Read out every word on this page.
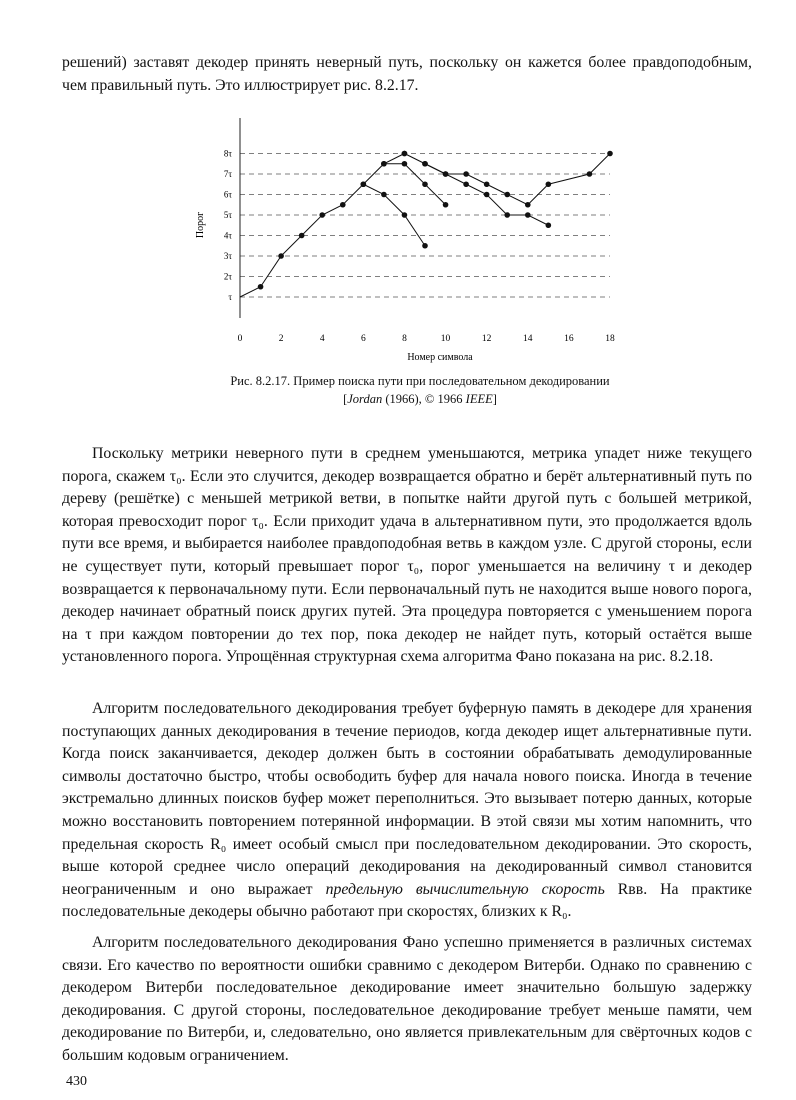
решений) заставят декодер принять неверный путь, поскольку он кажется более правдоподобным, чем правильный путь. Это иллюстрирует рис. 8.2.17.

0	2	4	6	8	10	12	14	16	18
τ
2τ
3τ
4τ
5τ
6τ
7τ
8τ
Номер символа
Порог
Рис. 8.2.17. Пример поиска пути при последовательном декодировании
[Jordan (1966), © 1966 IEEE]

Поскольку метрики неверного пути в среднем уменьшаются, метрика упадет ниже текущего порога, скажем τ₀. Если это случится, декодер возвращается обратно и берёт альтернативный путь по дереву (решётке) с меньшей метрикой ветви, в попытке найти другой путь с большей метрикой, которая превосходит порог τ₀. Если приходит удача в альтернативном пути, это продолжается вдоль пути все время, и выбирается наиболее правдоподобная ветвь в каждом узле. С другой стороны, если не существует пути, который превышает порог τ₀, порог уменьшается на величину τ и декодер возвращается к первоначальному пути. Если первоначальный путь не находится выше нового порога, декодер начинает обратный поиск других путей. Эта процедура повторяется с уменьшением порога на τ при каждом повторении до тех пор, пока декодер не найдет путь, который остаётся выше установленного порога. Упрощённая структурная схема алгоритма Фано показана на рис. 8.2.18.

Алгоритм последовательного декодирования требует буферную память в декодере для хранения поступающих данных декодирования в течение периодов, когда декодер ищет альтернативные пути. Когда поиск заканчивается, декодер должен быть в состоянии обрабатывать демодулированные символы достаточно быстро, чтобы освободить буфер для начала нового поиска. Иногда в течение экстремально длинных поисков буфер может переполниться. Это вызывает потерю данных, которые можно восстановить повторением потерянной информации. В этой связи мы хотим напомнить, что предельная скорость R₀ имеет особый смысл при последовательном декодировании. Это скорость, выше которой среднее число операций декодирования на декодированный символ становится неограниченным и оно выражает предельную вычислительную скорость Rвв. На практике последовательные декодеры обычно работают при скоростях, близких к R₀.

Алгоритм последовательного декодирования Фано успешно применяется в различных системах связи. Его качество по вероятности ошибки сравнимо с декодером Витерби. Однако по сравнению с декодером Витерби последовательное декодирование имеет значительно большую задержку декодирования. С другой стороны, последовательное декодирование требует меньше памяти, чем декодирование по Витерби, и, следовательно, оно является привлекательным для свёрточных кодов с большим кодовым ограничением.

430
